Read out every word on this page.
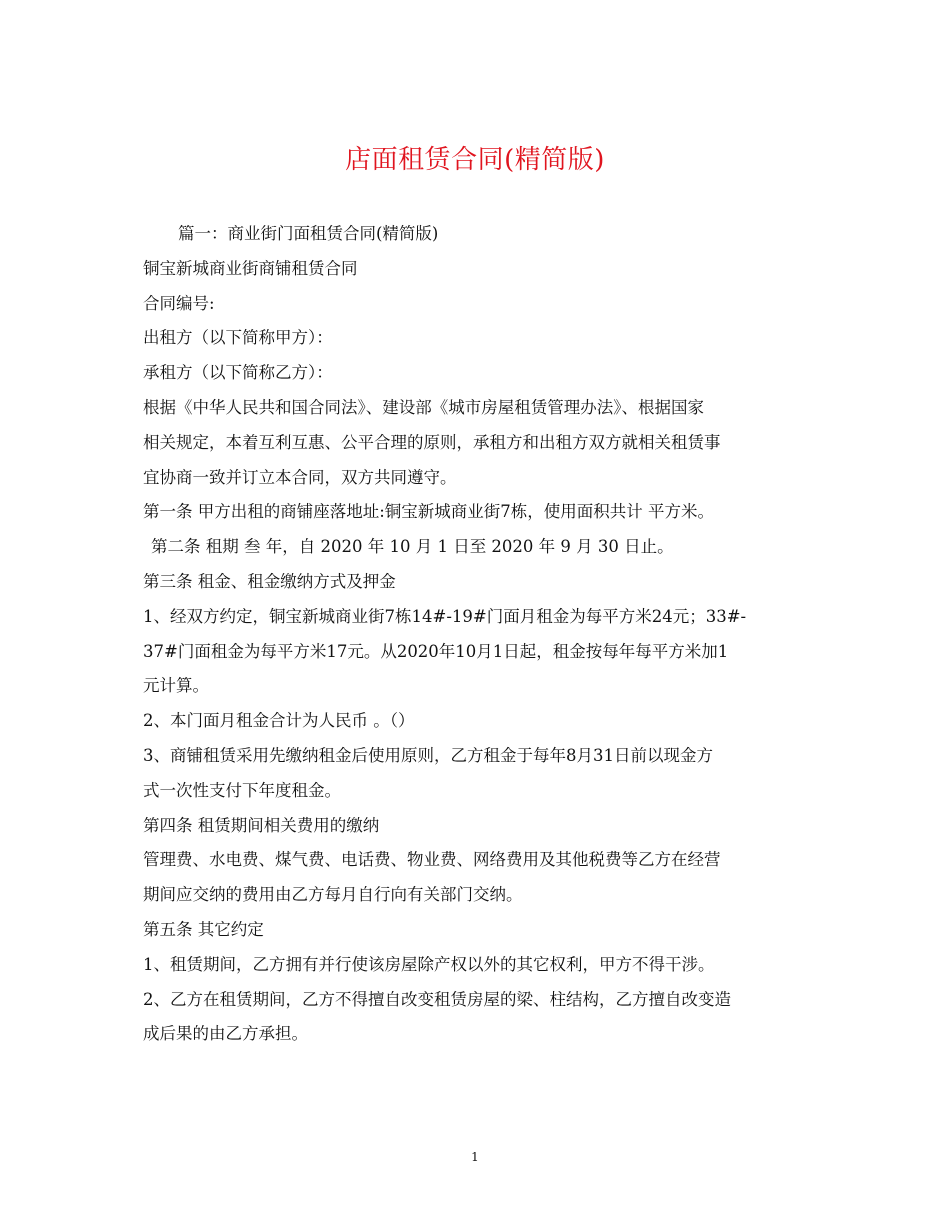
店面租赁合同(精简版)
篇一：商业街门面租赁合同(精简版)
铜宝新城商业街商铺租赁合同
合同编号:
出租方（以下简称甲方）：
承租方（以下简称乙方）：
根据《中华人民共和国合同法》、建设部《城市房屋租赁管理办法》、根据国家
相关规定，本着互利互惠、公平合理的原则，承租方和出租方双方就相关租赁事
宜协商一致并订立本合同，双方共同遵守。
第一条 甲方出租的商铺座落地址:铜宝新城商业街7栋，使用面积共计 平方米。
第二条 租期 叁 年，自 2020 年 10 月 1 日至 2020 年 9 月 30 日止。
第三条 租金、租金缴纳方式及押金
1、经双方约定，铜宝新城商业街7栋14#-19#门面月租金为每平方米24元；33#-
37#门面租金为每平方米17元。从2020年10月1日起，租金按每年每平方米加1
元计算。
2、本门面月租金合计为人民币 。（）
3、商铺租赁采用先缴纳租金后使用原则，乙方租金于每年8月31日前以现金方
式一次性支付下年度租金。
第四条 租赁期间相关费用的缴纳
管理费、水电费、煤气费、电话费、物业费、网络费用及其他税费等乙方在经营
期间应交纳的费用由乙方每月自行向有关部门交纳。
第五条 其它约定
1、租赁期间，乙方拥有并行使该房屋除产权以外的其它权利，甲方不得干涉。
2、乙方在租赁期间，乙方不得擅自改变租赁房屋的梁、柱结构，乙方擅自改变造
成后果的由乙方承担。
1
